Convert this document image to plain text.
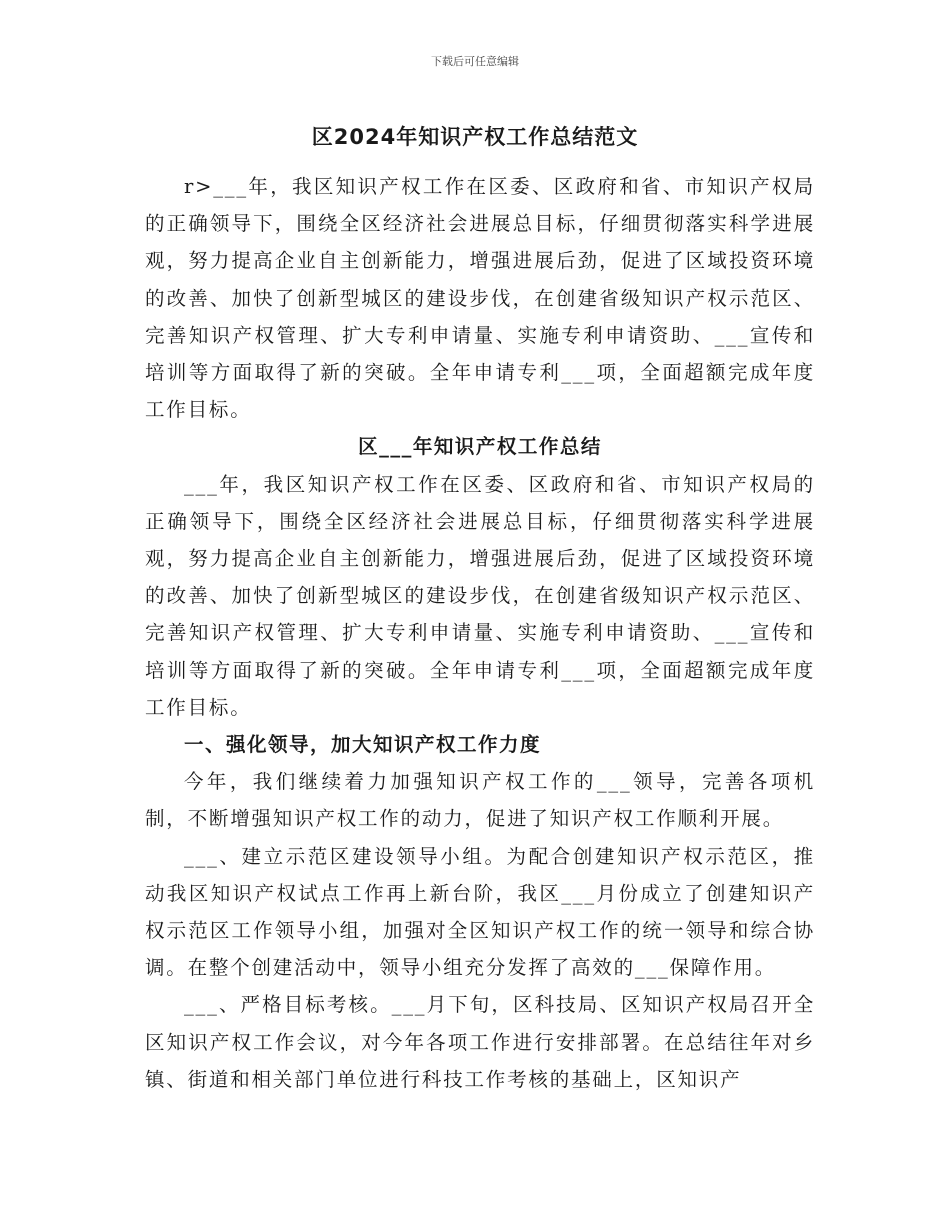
下载后可任意编辑
区2024年知识产权工作总结范文

r>___年，我区知识产权工作在区委、区政府和省、市知识产权局的正确领导下，围绕全区经济社会进展总目标，仔细贯彻落实科学进展观，努力提高企业自主创新能力，增强进展后劲，促进了区域投资环境的改善、加快了创新型城区的建设步伐，在创建省级知识产权示范区、完善知识产权管理、扩大专利申请量、实施专利申请资助、___宣传和培训等方面取得了新的突破。全年申请专利___项，全面超额完成年度工作目标。

区___年知识产权工作总结

___年，我区知识产权工作在区委、区政府和省、市知识产权局的正确领导下，围绕全区经济社会进展总目标，仔细贯彻落实科学进展观，努力提高企业自主创新能力，增强进展后劲，促进了区域投资环境的改善、加快了创新型城区的建设步伐，在创建省级知识产权示范区、完善知识产权管理、扩大专利申请量、实施专利申请资助、___宣传和培训等方面取得了新的突破。全年申请专利___项，全面超额完成年度工作目标。

一、强化领导，加大知识产权工作力度

今年，我们继续着力加强知识产权工作的___领导，完善各项机制，不断增强知识产权工作的动力，促进了知识产权工作顺利开展。

___、建立示范区建设领导小组。为配合创建知识产权示范区，推动我区知识产权试点工作再上新台阶，我区___月份成立了创建知识产权示范区工作领导小组，加强对全区知识产权工作的统一领导和综合协调。在整个创建活动中，领导小组充分发挥了高效的___保障作用。

___、严格目标考核。___月下旬，区科技局、区知识产权局召开全区知识产权工作会议，对今年各项工作进行安排部署。在总结往年对乡镇、街道和相关部门单位进行科技工作考核的基础上，区知识产
